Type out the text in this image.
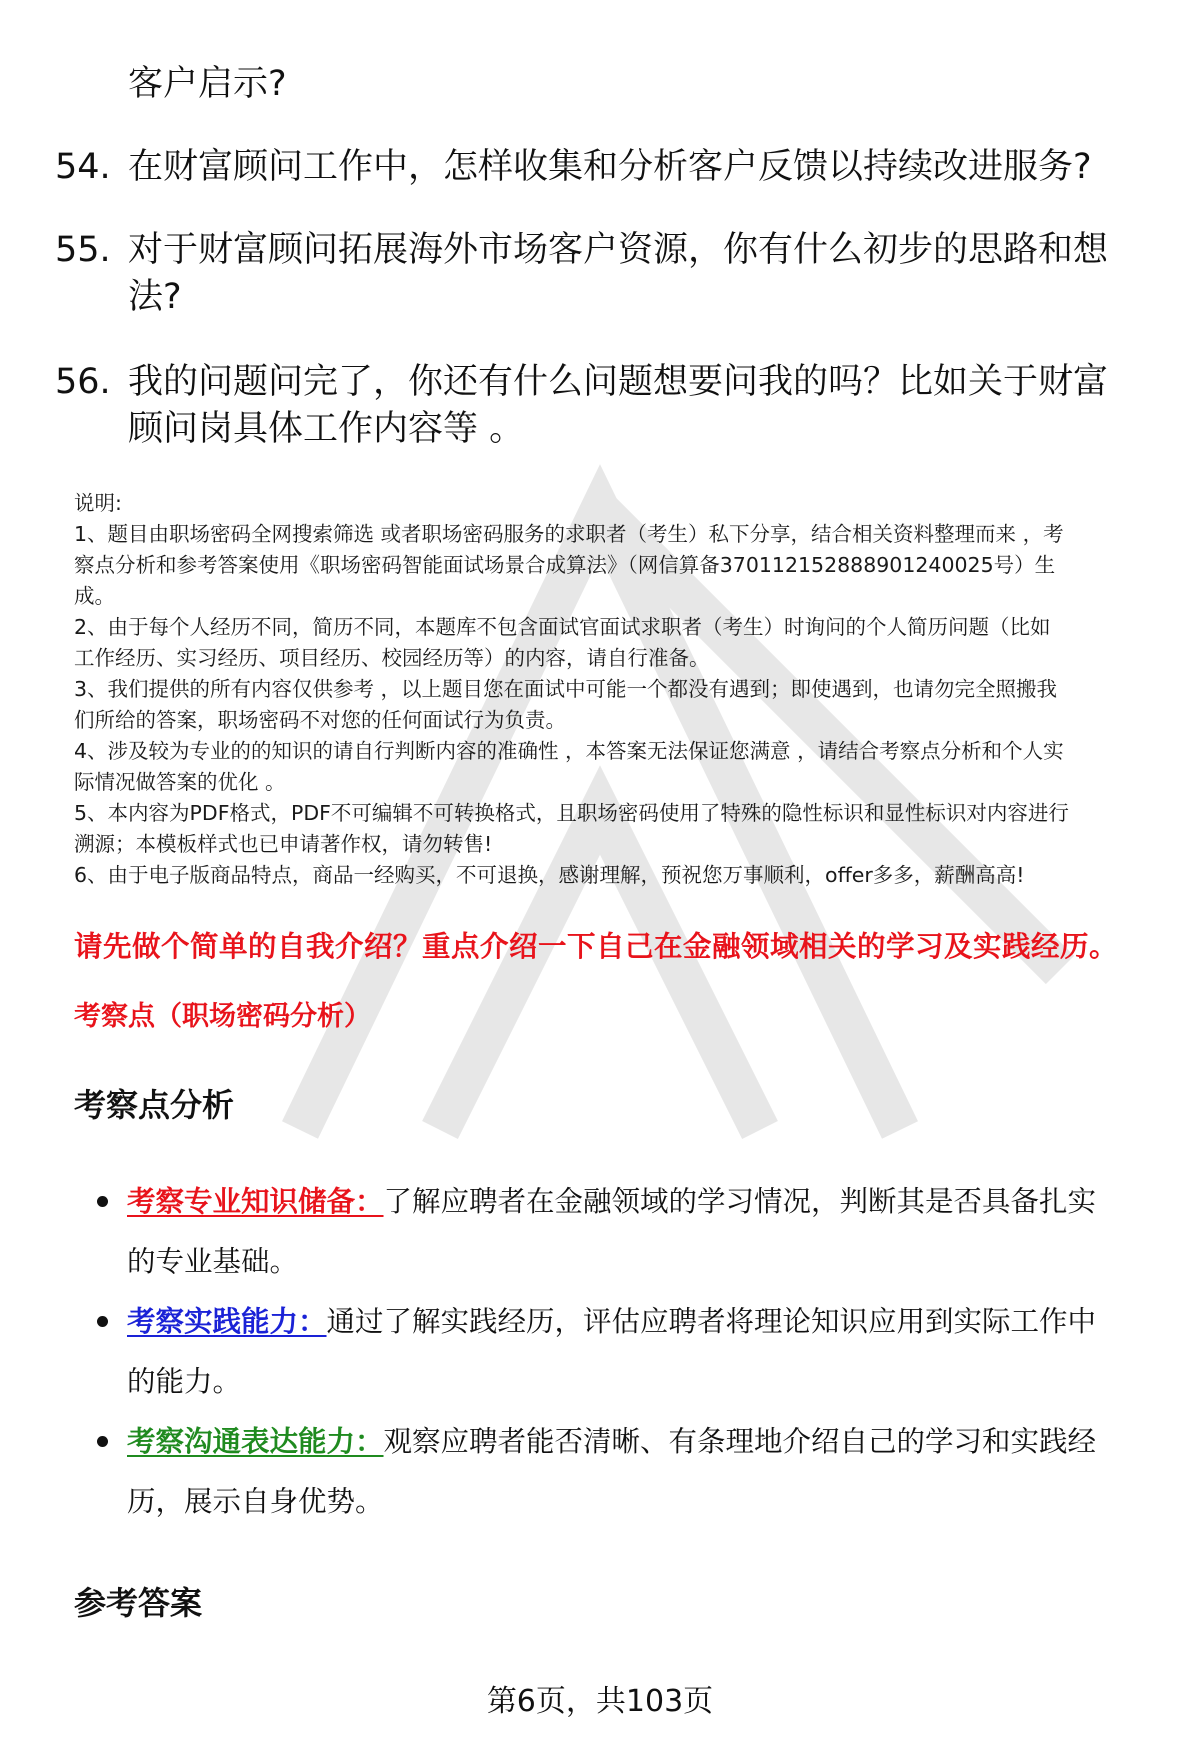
客户启示?
54. 在财富顾问工作中，怎样收集和分析客户反馈以持续改进服务?
55. 对于财富顾问拓展海外市场客户资源，你有什么初步的思路和想
法?
56. 我的问题问完了，你还有什么问题想要问我的吗？比如关于财富
顾问岗具体工作内容等 。

说明:

1、题目由职场密码全网搜索筛选 或者职场密码服务的求职者（考生）私下分享，结合相关资料整理而来 ，考

察点分析和参考答案使用《职场密码智能面试场景合成算法》（网信算备370112152888901240025号）生

成。

2、由于每个人经历不同，简历不同，本题库不包含面试官面试求职者（考生）时询问的个人简历问题（比如

工作经历、实习经历、项目经历、校园经历等）的内容，请自行准备。

3、我们提供的所有内容仅供参考 ，以上题目您在面试中可能一个都没有遇到；即使遇到，也请勿完全照搬我

们所给的答案，职场密码不对您的任何面试行为负责。

4、涉及较为专业的的知识的请自行判断内容的准确性 ，本答案无法保证您满意 ，请结合考察点分析和个人实

际情况做答案的优化 。

5、本内容为PDF格式，PDF不可编辑不可转换格式，且职场密码使用了特殊的隐性标识和显性标识对内容进行

溯源；本模板样式也已申请著作权，请勿转售!

6、由于电子版商品特点，商品一经购买，不可退换，感谢理解，预祝您万事顺利，offer多多，薪酬高高!

请先做个简单的自我介绍？重点介绍一下自己在金融领域相关的学习及实践经历。
考察点（职场密码分析）
考察点分析
考察专业知识储备：了解应聘者在金融领域的学习情况，判断其是否具备扎实
的专业基础。
考察实践能力：通过了解实践经历，评估应聘者将理论知识应用到实际工作中
的能力。
考察沟通表达能力：观察应聘者能否清晰、有条理地介绍自己的学习和实践经
历，展示自身优势。
参考答案
第6页，共103页
